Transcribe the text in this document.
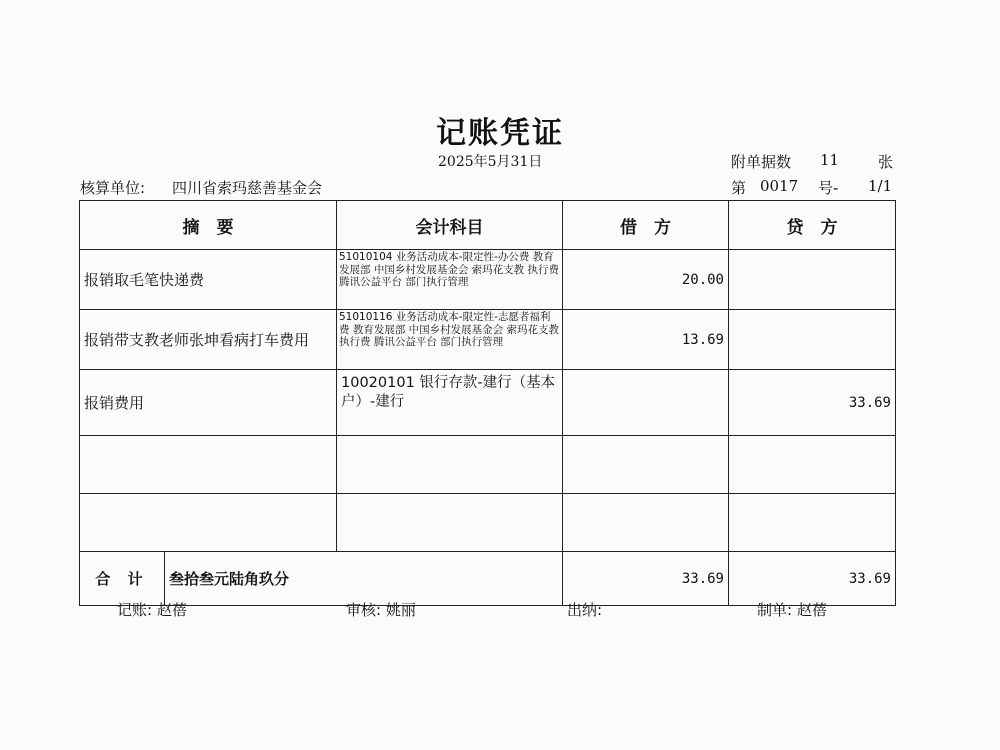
记账凭证
2025年5月31日	附单据数 11	张
核算单位: 四川省索玛慈善基金会	第 0017 号- 1/1
摘　要	会计科目	借　方	贷　方
报销取毛笔快递费	51010104 业务活动成本-限定性-办公费 教育发展部 中国乡村发展基金会 索玛花支教 执行费 腾讯公益平台 部门执行管理	20.00	
报销带支教老师张坤看病打车费用	51010116 业务活动成本-限定性-志愿者福利费 教育发展部 中国乡村发展基金会 索玛花支教 执行费 腾讯公益平台 部门执行管理	13.69	
报销费用	10020101 银行存款-建行（基本户）-建行		33.69

合 计 叁拾叁元陆角玖分		33.69	33.69
记账: 赵蓓	审核: 姚丽	出纳:	制单: 赵蓓
